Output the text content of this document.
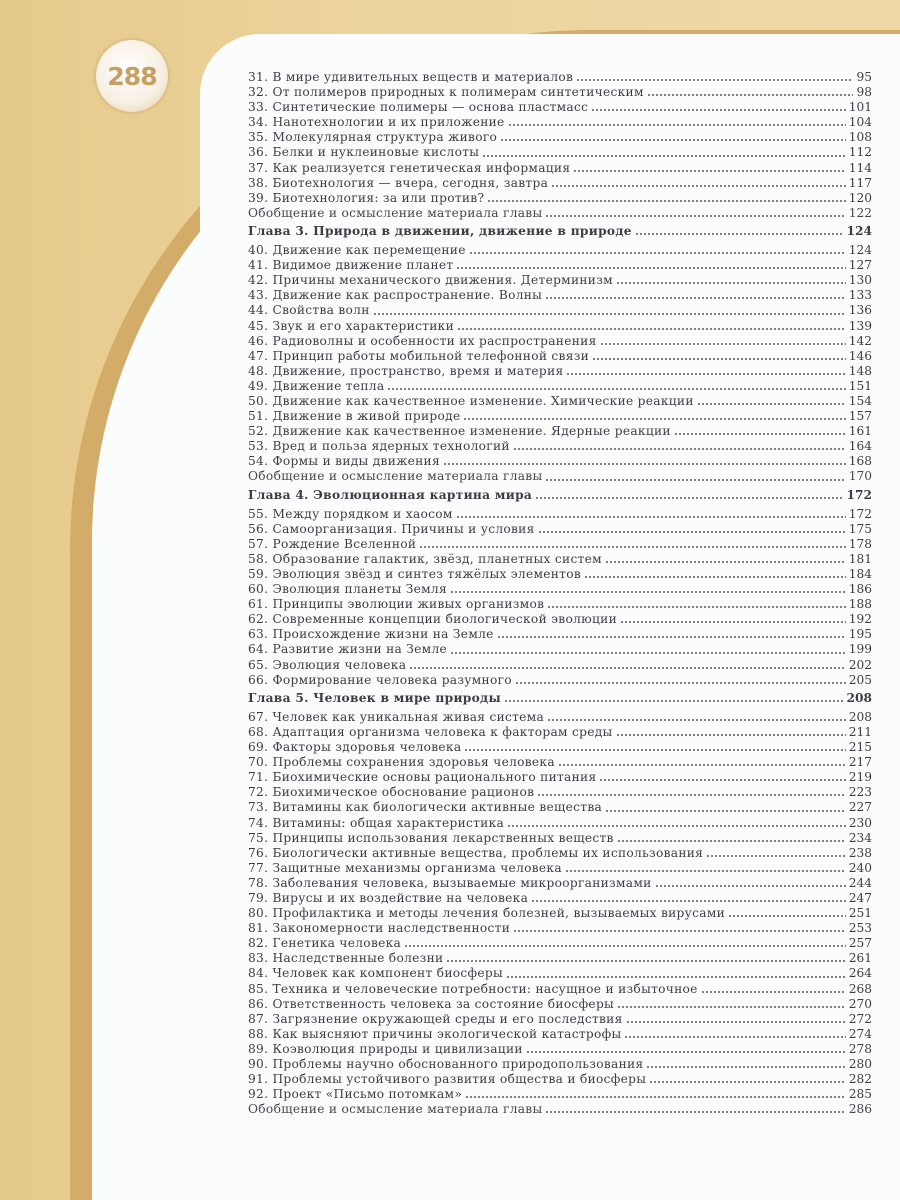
288	31. В мире удивительных веществ и материалов	95
32. От полимеров природных к полимерам синтетическим	98
33. Синтетические полимеры — основа пластмасс	101
34. Нанотехнологии и их приложение	104
35. Молекулярная структура живого	108
36. Белки и нуклеиновые кислоты	112
37. Как реализуется генетическая информация	114
38. Биотехнология — вчера, сегодня, завтра	117
39. Биотехнология: за или против?	120
Обобщение и осмысление материала главы	122
Глава 3. Природа в движении, движение в природе	124
40. Движение как перемещение	124
41. Видимое движение планет	127
42. Причины механического движения. Детерминизм	130
43. Движение как распространение. Волны	133
44. Свойства волн	136
45. Звук и его характеристики	139
46. Радиоволны и особенности их распространения	142
47. Принцип работы мобильной телефонной связи	146
48. Движение, пространство, время и материя	148
49. Движение тепла	151
50. Движение как качественное изменение. Химические реакции	154
51. Движение в живой природе	157
52. Движение как качественное изменение. Ядерные реакции	161
53. Вред и польза ядерных технологий	164
54. Формы и виды движения	168
Обобщение и осмысление материала главы	170
Глава 4. Эволюционная картина мира	172
55. Между порядком и хаосом	172
56. Самоорганизация. Причины и условия	175
57. Рождение Вселенной	178
58. Образование галактик, звёзд, планетных систем	181
59. Эволюция звёзд и синтез тяжёлых элементов	184
60. Эволюция планеты Земля	186
61. Принципы эволюции живых организмов	188
62. Современные концепции биологической эволюции	192
63. Происхождение жизни на Земле	195
64. Развитие жизни на Земле	199
65. Эволюция человека	202
66. Формирование человека разумного	205
Глава 5. Человек в мире природы	208
67. Человек как уникальная живая система	208
68. Адаптация организма человека к факторам среды	211
69. Факторы здоровья человека	215
70. Проблемы сохранения здоровья человека	217
71. Биохимические основы рационального питания	219
72. Биохимическое обоснование рационов	223
73. Витамины как биологически активные вещества	227
74. Витамины: общая характеристика	230
75. Принципы использования лекарственных веществ	234
76. Биологически активные вещества, проблемы их использования	238
77. Защитные механизмы организма человека	240
78. Заболевания человека, вызываемые микроорганизмами	244
79. Вирусы и их воздействие на человека	247
80. Профилактика и методы лечения болезней, вызываемых вирусами	251
81. Закономерности наследственности	253
82. Генетика человека	257
83. Наследственные болезни	261
84. Человек как компонент биосферы	264
85. Техника и человеческие потребности: насущное и избыточное	268
86. Ответственность человека за состояние биосферы	270
87. Загрязнение окружающей среды и его последствия	272
88. Как выясняют причины экологической катастрофы	274
89. Коэволюция природы и цивилизации	278
90. Проблемы научно обоснованного природопользования	280
91. Проблемы устойчивого развития общества и биосферы	282
92. Проект «Письмо потомкам»	285
Обобщение и осмысление материала главы	286
